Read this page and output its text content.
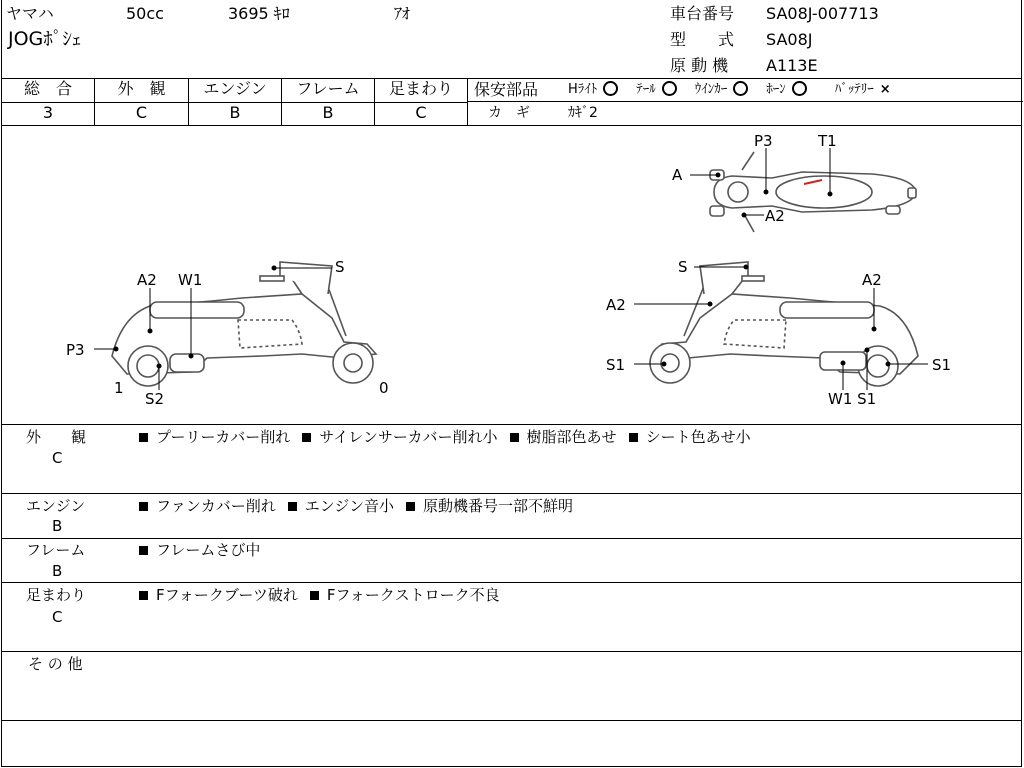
ヤマハ	50cc	3695 ｷﾛ	ｱｵ
JOGﾎﾟｼｪ
車台番号 SA08J-007713
型　　式 SA08J
原 動 機 A113E
総　合	外　観	エンジン	フレーム	足まわり
3	C	B	B	C
保安部品 Hﾗｲﾄ	ﾃｰﾙ	ｳｲﾝｶｰ	ﾎｰﾝ	ﾊﾞｯﾃﾘｰ ×
カ　ギ	ｶｷﾞ2
A
P3	T1
A2
A2 W1
S
P3
1
S2
0
S
A2
A2
S1	S1
W1 S1
外　　観
C
プーリーカバー削れ サイレンサーカバー削れ小 樹脂部色あせ シート色あせ小
エンジン
B
ファンカバー削れ エンジン音小 原動機番号一部不鮮明
フレーム
B
フレームさび中
足まわり
C
Fフォークブーツ破れ Fフォークストローク不良
そ の 他
